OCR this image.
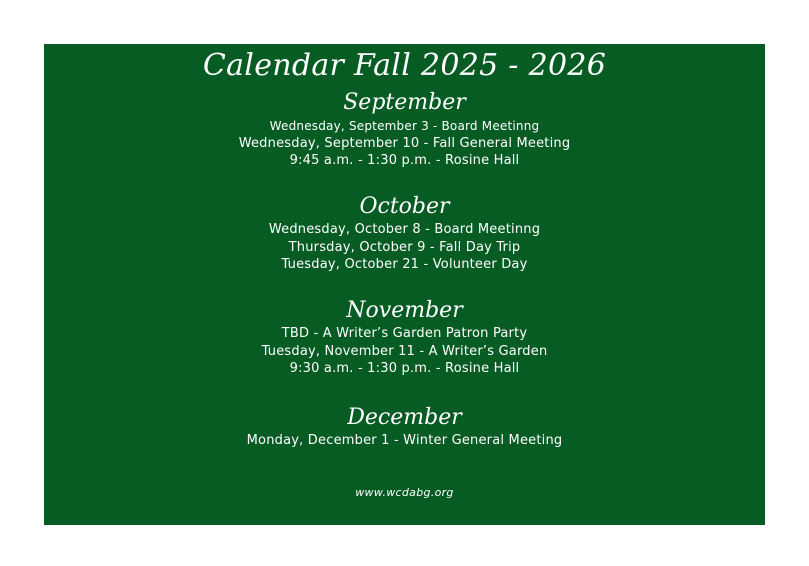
Calendar Fall 2025 - 2026
September
Wednesday, September 3 - Board Meetinng
Wednesday, September 10 - Fall General Meeting
9:45 a.m. - 1:30 p.m. - Rosine Hall
October
Wednesday, October 8 - Board Meetinng
Thursday, October 9 - Fall Day Trip
Tuesday, October 21 - Volunteer Day
November
TBD - A Writer’s Garden Patron Party
Tuesday, November 11 - A Writer’s Garden
9:30 a.m. - 1:30 p.m. - Rosine Hall
December
Monday, December 1 - Winter General Meeting
www.wcdabg.org
